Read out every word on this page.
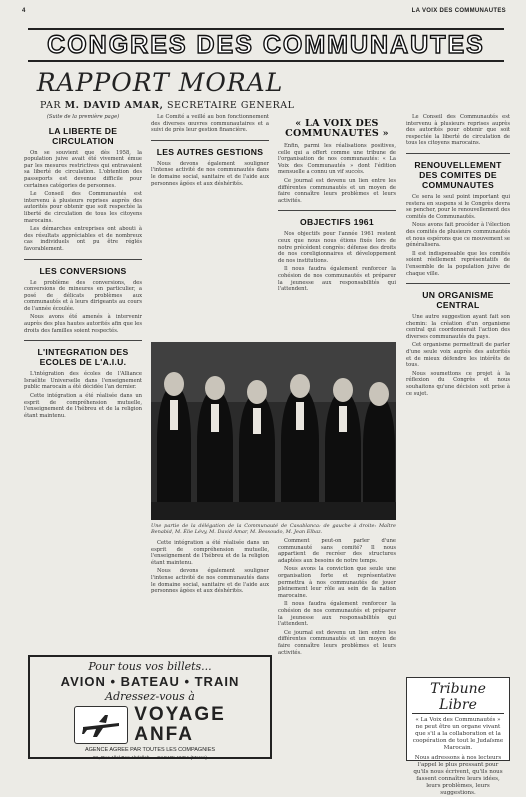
4	LA VOIX DES COMMUNAUTES
CONGRES DES COMMUNAUTES
RAPPORT MORAL
PAR M. DAVID AMAR, SECRETAIRE GENERAL

(Suite de la première page)

LA LIBERTE DE CIRCULATION

On se souvient que dès 1958, la population juive avait été vivement émue par les mesures restrictives qui entravaient sa liberté de circulation. L'obtention des passeports est devenue difficile pour certaines catégories de personnes.

Le Conseil des Communautés est intervenu à plusieurs reprises auprès des autorités pour obtenir que soit respectée la liberté de circulation de tous les citoyens marocains.

Les démarches entreprises ont abouti à des résultats appréciables et de nombreux cas individuels ont pu être réglés favorablement.

LES CONVERSIONS

Le problème des conversions, des conversions de mineures en particulier, a posé de délicats problèmes aux communautés et à leurs dirigeants au cours de l'année écoulée.

Nous avons été amenés à intervenir auprès des plus hautes autorités afin que les droits des familles soient respectés.

L'INTEGRATION DES ECOLES DE L'A.I.U.

L'intégration des écoles de l'Alliance Israélite Universelle dans l'enseignement public marocain a été décidée l'an dernier.

Cette intégration a été réalisée dans un esprit de compréhension mutuelle, l'enseignement de l'hébreu et de la religion étant maintenu.

Le Comité a veillé au bon fonctionnement des diverses œuvres communautaires et a suivi de près leur gestion financière.

LES AUTRES GESTIONS

Nous devons également souligner l'intense activité de nos communautés dans le domaine social, sanitaire et de l'aide aux personnes âgées et aux déshérités.

« LA VOIX DES COMMUNAUTES »

Enfin, parmi les réalisations positives, celle qui a offert comme une tribune de l'organisation de nos communautés: « La Voix des Communautés » dont l'édition mensuelle a connu un vif succès.

Ce journal est devenu un lien entre les différentes communautés et un moyen de faire connaître leurs problèmes et leurs activités.

OBJECTIFS 1961

Nos objectifs pour l'année 1961 restent ceux que nous nous étions fixés lors de notre précédent congrès: défense des droits de nos coreligionnaires et développement de nos institutions.

Il nous faudra également renforcer la cohésion de nos communautés et préparer la jeunesse aux responsabilités qui l'attendent.

Une partie de la délégation de la Communauté de Casablanca: de gauche à droite: Maître Benabid, M. Élie Lévy, M. David Amar, M. Bessoudo, M. Jean Elbaz.

Cette intégration a été réalisée dans un esprit de compréhension mutuelle, l'enseignement de l'hébreu et de la religion étant maintenu.

Nous devons également souligner l'intense activité de nos communautés dans le domaine social, sanitaire et de l'aide aux personnes âgées et aux déshérités.

Comment peut-on parler d'une communauté sans comité? Il nous appartient de recréer des structures adaptées aux besoins de notre temps.

Nous avons la conviction que seule une organisation forte et représentative permettra à nos communautés de jouer pleinement leur rôle au sein de la nation marocaine.

Il nous faudra également renforcer la cohésion de nos communautés et préparer la jeunesse aux responsabilités qui l'attendent.

Ce journal est devenu un lien entre les différentes communautés et un moyen de faire connaître leurs problèmes et leurs activités.

Le Conseil des Communautés est intervenu à plusieurs reprises auprès des autorités pour obtenir que soit respectée la liberté de circulation de tous les citoyens marocains.

RENOUVELLEMENT DES COMITES DE COMMUNAUTES

Ce sera le seul point important qui restera en suspens si le Congrès devra se pencher, pour le renouvellement des comités de Communautés.

Nous avons fait procéder à l'élection des comités de plusieurs communautés et nous espérons que ce mouvement se généralisera.

Il est indispensable que les comités soient réellement représentatifs de l'ensemble de la population juive de chaque ville.

UN ORGANISME CENTRAL

Une autre suggestion ayant fait son chemin: la création d'un organisme central qui coordonnerait l'action des diverses communautés du pays.

Cet organisme permettrait de parler d'une seule voix auprès des autorités et de mieux défendre les intérêts de tous.

Nous soumettons ce projet à la réflexion du Congrès et nous souhaitons qu'une décision soit prise à ce sujet.

Pour tous vos billets...
AVION • BATEAU • TRAIN
Adressez-vous à
VOYAGE
ANFA
AGENCE AGREE PAR TOUTES LES COMPAGNIES
91, Rue Allal Ben Abdallah — CASABLANCA (Maroc)
Tribune Libre

« La Voix des Communautés » ne peut être un organe vivant que s'il a la collaboration et la coopération de tout le Judaïsme Marocain.

Nous adressons à nos lecteurs l'appel le plus pressant pour qu'ils nous écrivent, qu'ils nous fassent connaître leurs idées, leurs problèmes, leurs suggestions.
